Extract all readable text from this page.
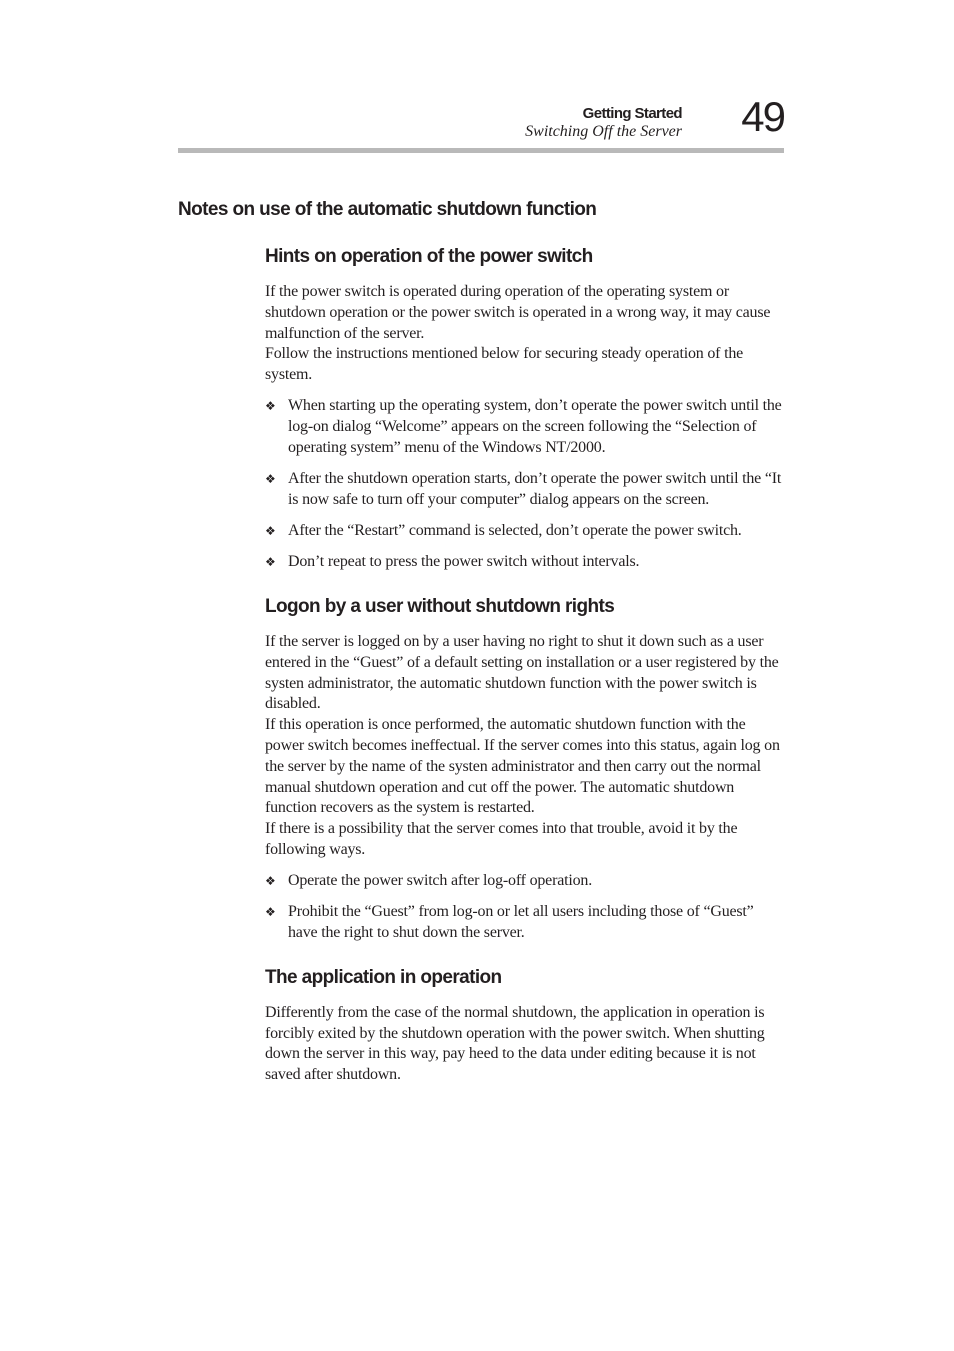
Getting Started
Switching Off the Server 49
Notes on use of the automatic shutdown function
Hints on operation of the power switch

If the power switch is operated during operation of the operating system or shutdown operation or the power switch is operated in a wrong way, it may cause malfunction of the server.

Follow the instructions mentioned below for securing steady operation of the system.

❖ When starting up the operating system, don’t operate the power switch until the log-on dialog “Welcome” appears on the screen following the “Selection of operating system” menu of the Windows NT/2000.
❖ After the shutdown operation starts, don’t operate the power switch until the “It is now safe to turn off your computer” dialog appears on the screen.
❖ After the “Restart” command is selected, don’t operate the power switch.
❖ Don’t repeat to press the power switch without intervals.
Logon by a user without shutdown rights

If the server is logged on by a user having no right to shut it down such as a user entered in the “Guest” of a default setting on installation or a user registered by the systen administrator, the automatic shutdown function with the power switch is disabled.

If this operation is once performed, the automatic shutdown function with the power switch becomes ineffectual. If the server comes into this status, again log on the server by the name of the systen administrator and then carry out the normal manual shutdown operation and cut off the power. The automatic shutdown function recovers as the system is restarted.

If there is a possibility that the server comes into that trouble, avoid it by the following ways.

❖ Operate the power switch after log-off operation.
❖ Prohibit the “Guest” from log-on or let all users including those of “Guest” have the right to shut down the server.
The application in operation

Differently from the case of the normal shutdown, the application in operation is forcibly exited by the shutdown operation with the power switch. When shutting down the server in this way, pay heed to the data under editing because it is not saved after shutdown.
